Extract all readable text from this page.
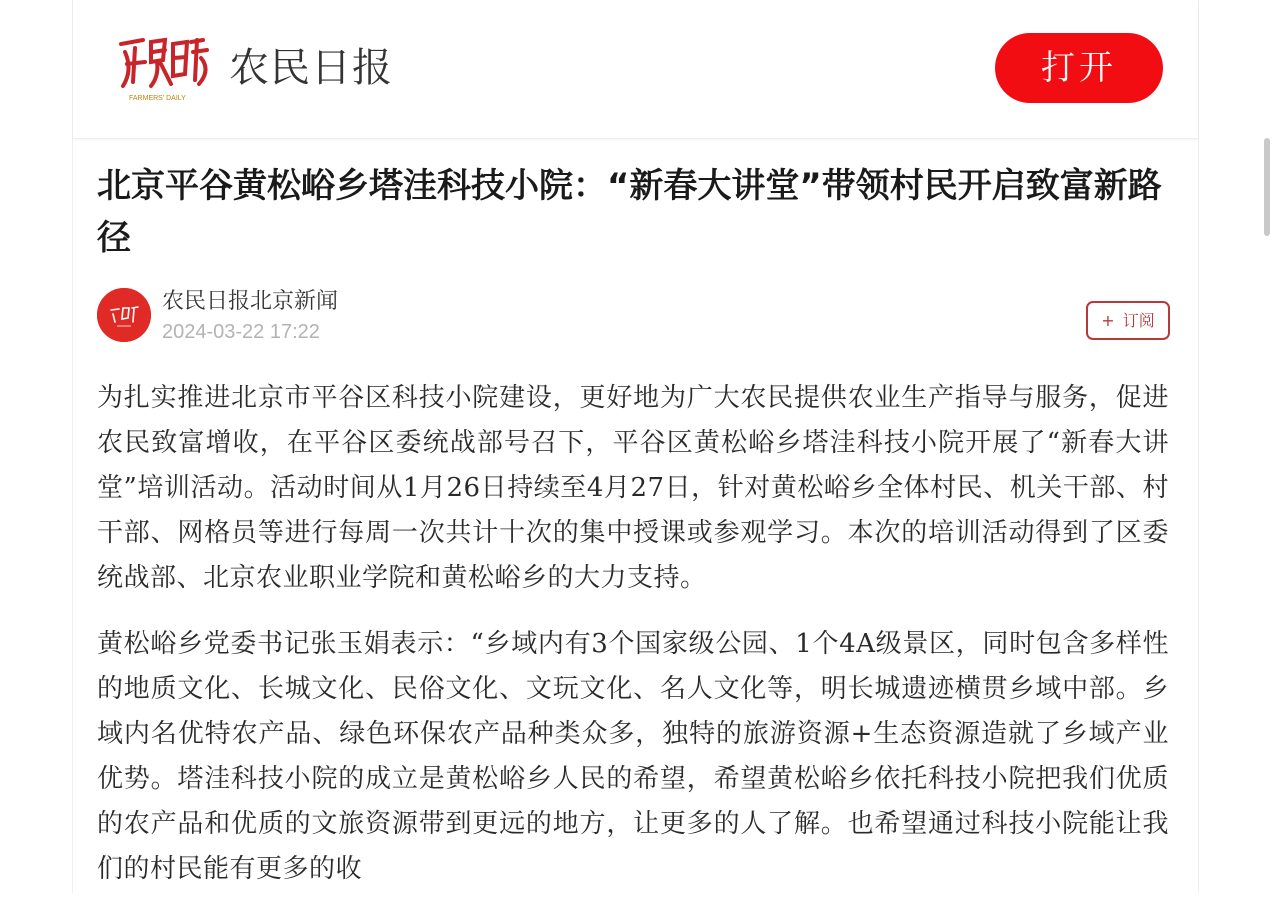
FARMERS' DAILY
农民日报	打开
北京平谷黄松峪乡塔洼科技小院：“新春大讲堂”带领村民开启致富新路径
农民日报北京新闻
2024-03-22 17:22
+ 订阅

为扎实推进北京市平谷区科技小院建设，更好地为广大农民提供农业生产指导与服务，促进农民致富增收，在平谷区委统战部号召下，平谷区黄松峪乡塔洼科技小院开展了“新春大讲堂”培训活动。活动时间从1月26日持续至4月27日，针对黄松峪乡全体村民、机关干部、村干部、网格员等进行每周一次共计十次的集中授课或参观学习。本次的培训活动得到了区委统战部、北京农业职业学院和黄松峪乡的大力支持。

黄松峪乡党委书记张玉娟表示：“乡域内有3个国家级公园、1个4A级景区，同时包含多样性的地质文化、长城文化、民俗文化、文玩文化、名人文化等，明长城遗迹横贯乡域中部。乡域内名优特农产品、绿色环保农产品种类众多，独特的旅游资源+生态资源造就了乡域产业优势。塔洼科技小院的成立是黄松峪乡人民的希望，希望黄松峪乡依托科技小院把我们优质的农产品和优质的文旅资源带到更远的地方，让更多的人了解。也希望通过科技小院能让我们的村民能有更多的收
